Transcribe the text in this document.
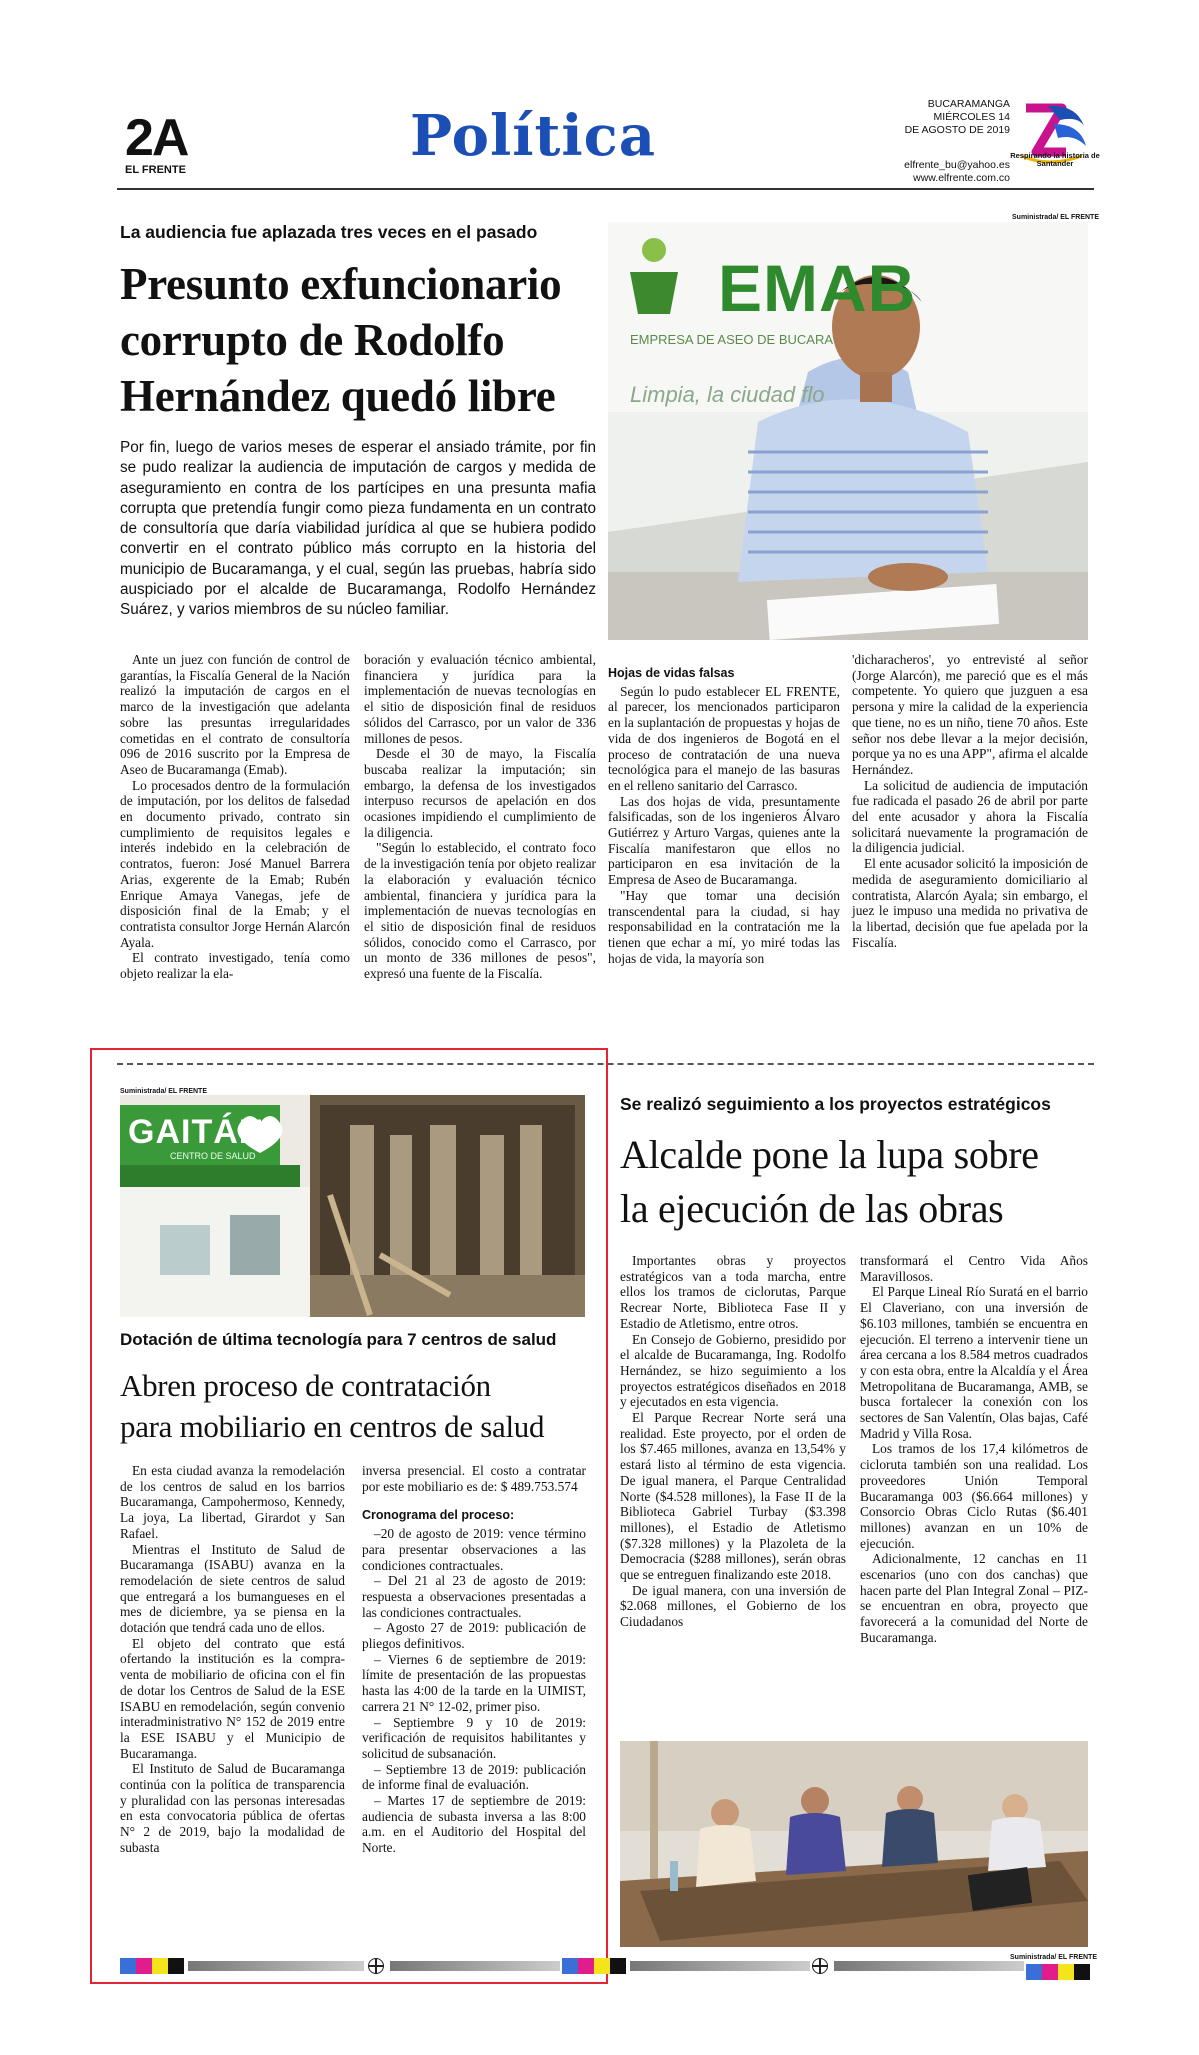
2A
EL FRENTE
Política	BUCARAMANGA
MIÉRCOLES 14
DE AGOSTO DE 2019
elfrente_bu@yahoo.es
www.elfrente.com.co
Respirando la historia de Santander
La audiencia fue aplazada tres veces en el pasado
Presunto exfuncionario
corrupto de Rodolfo
Hernández quedó libre
Por fin, luego de varios meses de esperar el ansiado trámite, por fin se pudo realizar la audiencia de imputación de cargos y medida de aseguramiento en contra de los partícipes en una presunta mafia corrupta que pretendía fungir como pieza fundamenta en un contrato de consultoría que daría viabilidad jurídica al que se hubiera podido convertir en el contrato público más corrupto en la historia del municipio de Bucaramanga, y el cual, según las pruebas, habría sido auspiciado por el alcalde de Bucaramanga, Rodolfo Hernández Suárez, y varios miembros de su núcleo familiar.

Ante un juez con función de control de garantías, la Fiscalía General de la Nación realizó la imputación de cargos en el marco de la investigación que adelanta sobre las presuntas irregularidades cometidas en el contrato de consultoría 096 de 2016 suscrito por la Empresa de Aseo de Bucaramanga (Emab).

Lo procesados dentro de la formulación de imputación, por los delitos de falsedad en documento privado, contrato sin cumplimiento de requisitos legales e interés indebido en la celebración de contratos, fueron: José Manuel Barrera Arias, exgerente de la Emab; Rubén Enrique Amaya Vanegas, jefe de disposición final de la Emab; y el contratista consultor Jorge Hernán Alarcón Ayala.

El contrato investigado, tenía como objeto realizar la ela-

boración y evaluación técnico ambiental, financiera y jurídica para la implementación de nuevas tecnologías en el sitio de disposición final de residuos sólidos del Carrasco, por un valor de 336 millones de pesos.

Desde el 30 de mayo, la Fiscalía buscaba realizar la imputación; sin embargo, la defensa de los investigados interpuso recursos de apelación en dos ocasiones impidiendo el cumplimiento de la diligencia.

"Según lo establecido, el contrato foco de la investigación tenía por objeto realizar la elaboración y evaluación técnico ambiental, financiera y jurídica para la implementación de nuevas tecnologías en el sitio de disposición final de residuos sólidos, conocido como el Carrasco, por un monto de 336 millones de pesos", expresó una fuente de la Fiscalía.

Hojas de vidas falsas

Según lo pudo establecer EL FRENTE, al parecer, los mencionados participaron en la suplantación de propuestas y hojas de vida de dos ingenieros de Bogotá en el proceso de contratación de una nueva tecnológica para el manejo de las basuras en el relleno sanitario del Carrasco.

Las dos hojas de vida, presuntamente falsificadas, son de los ingenieros Álvaro Gutiérrez y Arturo Vargas, quienes ante la Fiscalía manifestaron que ellos no participaron en esa invitación de la Empresa de Aseo de Bucaramanga.

"Hay que tomar una decisión transcendental para la ciudad, si hay responsabilidad en la contratación me la tienen que echar a mí, yo miré todas las hojas de vida, la mayoría son

'dicharacheros', yo entrevisté al señor (Jorge Alarcón), me pareció que es el más competente. Yo quiero que juzguen a esa persona y mire la calidad de la experiencia que tiene, no es un niño, tiene 70 años. Este señor nos debe llevar a la mejor decisión, porque ya no es una APP", afirma el alcalde Hernández.

La solicitud de audiencia de imputación fue radicada el pasado 26 de abril por parte del ente acusador y ahora la Fiscalía solicitará nuevamente la programación de la diligencia judicial.

El ente acusador solicitó la imposición de medida de aseguramiento domiciliario al contratista, Alarcón Ayala; sin embargo, el juez le impuso una medida no privativa de la libertad, decisión que fue apelada por la Fiscalía.

Suministrada/ EL FRENTE
EMAB
EMPRESA DE ASEO DE BUCARA
Limpia, la ciudad flo
Suministrada/ EL FRENTE
GAITÁN
CENTRO DE SALUD
Dotación de última tecnología para 7 centros de salud
Abren proceso de contratación
para mobiliario en centros de salud

En esta ciudad avanza la remodelación de los centros de salud en los barrios Bucaramanga, Campohermoso, Kennedy, La joya, La libertad, Girardot y San Rafael.

Mientras el Instituto de Salud de Bucaramanga (ISABU) avanza en la remodelación de siete centros de salud que entregará a los bumangueses en el mes de diciembre, ya se piensa en la dotación que tendrá cada uno de ellos.

El objeto del contrato que está ofertando la institución es la compra-venta de mobiliario de oficina con el fin de dotar los Centros de Salud de la ESE ISABU en remodelación, según convenio interadministrativo N° 152 de 2019 entre la ESE ISABU y el Municipio de Bucaramanga.

El Instituto de Salud de Bucaramanga continúa con la política de transparencia y pluralidad con las personas interesadas en esta convocatoria pública de ofertas N° 2 de 2019, bajo la modalidad de subasta

inversa presencial. El costo a contratar por este mobiliario es de: $ 489.753.574

Cronograma del proceso:

–20 de agosto de 2019: vence término para presentar observaciones a las condiciones contractuales.

– Del 21 al 23 de agosto de 2019: respuesta a observaciones presentadas a las condiciones contractuales.

– Agosto 27 de 2019: publicación de pliegos definitivos.

– Viernes 6 de septiembre de 2019: límite de presentación de las propuestas hasta las 4:00 de la tarde en la UIMIST, carrera 21 N° 12-02, primer piso.

– Septiembre 9 y 10 de 2019: verificación de requisitos habilitantes y solicitud de subsanación.

– Septiembre 13 de 2019: publicación de informe final de evaluación.

– Martes 17 de septiembre de 2019: audiencia de subasta inversa a las 8:00 a.m. en el Auditorio del Hospital del Norte.

Se realizó seguimiento a los proyectos estratégicos
Alcalde pone la lupa sobre
la ejecución de las obras

Importantes obras y proyectos estratégicos van a toda marcha, entre ellos los tramos de ciclorutas, Parque Recrear Norte, Biblioteca Fase II y Estadio de Atletismo, entre otros.

En Consejo de Gobierno, presidido por el alcalde de Bucaramanga, Ing. Rodolfo Hernández, se hizo seguimiento a los proyectos estratégicos diseñados en 2018 y ejecutados en esta vigencia.

El Parque Recrear Norte será una realidad. Este proyecto, por el orden de los $7.465 millones, avanza en 13,54% y estará listo al término de esta vigencia. De igual manera, el Parque Centralidad Norte ($4.528 millones), la Fase II de la Biblioteca Gabriel Turbay ($3.398 millones), el Estadio de Atletismo ($7.328 millones) y la Plazoleta de la Democracia ($288 millones), serán obras que se entreguen finalizando este 2018.

De igual manera, con una inversión de $2.068 millones, el Gobierno de los Ciudadanos

transformará el Centro Vida Años Maravillosos.

El Parque Lineal Río Suratá en el barrio El Claveriano, con una inversión de $6.103 millones, también se encuentra en ejecución. El terreno a intervenir tiene un área cercana a los 8.584 metros cuadrados y con esta obra, entre la Alcaldía y el Área Metropolitana de Bucaramanga, AMB, se busca fortalecer la conexión con los sectores de San Valentín, Olas bajas, Café Madrid y Villa Rosa.

Los tramos de los 17,4 kilómetros de cicloruta también son una realidad. Los proveedores Unión Temporal Bucaramanga 003 ($6.664 millones) y Consorcio Obras Ciclo Rutas ($6.401 millones) avanzan en un 10% de ejecución.

Adicionalmente, 12 canchas en 11 escenarios (uno con dos canchas) que hacen parte del Plan Integral Zonal – PIZ- se encuentran en obra, proyecto que favorecerá a la comunidad del Norte de Bucaramanga.

Suministrada/ EL FRENTE
